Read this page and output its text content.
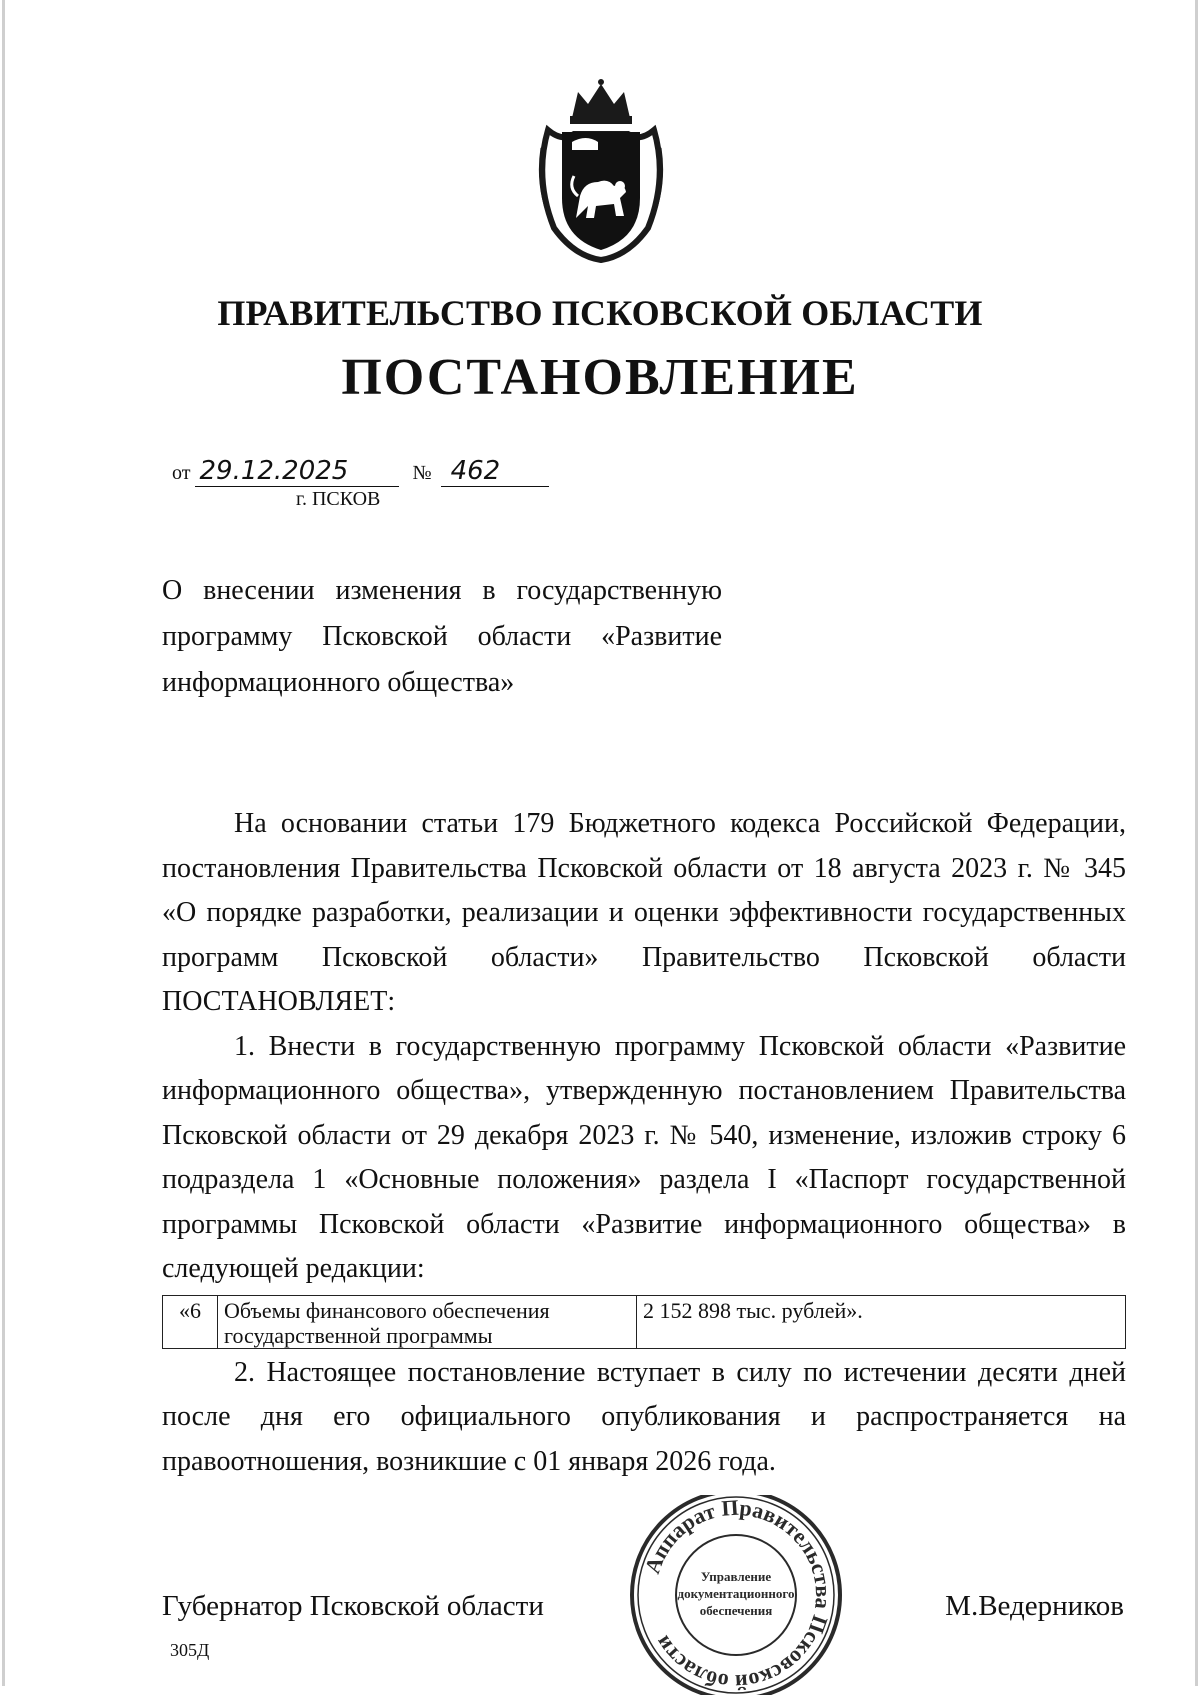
ПРАВИТЕЛЬСТВО ПСКОВСКОЙ ОБЛАСТИ
ПОСТАНОВЛЕНИЕ
от 29.12.2025	№ 462
г. ПСКОВ
О внесении изменения в государственную программу Псковской области «Развитие информационного общества»

На основании статьи 179 Бюджетного кодекса Российской Федерации, постановления Правительства Псковской области от 18 августа 2023 г. № 345 «О порядке разработки, реализации и оценки эффективности государственных программ Псковской области» Правительство Псковской области ПОСТАНОВЛЯЕТ:

1. Внести в государственную программу Псковской области «Развитие информационного общества», утвержденную постановлением Правительства Псковской области от 29 декабря 2023 г. № 540, изменение, изложив строку 6 подраздела 1 «Основные положения» раздела I «Паспорт государственной программы Псковской области «Развитие информационного общества» в следующей редакции:

«6	Объемы финансового обеспечения государственной программы	2 152 898 тыс. рублей».

2. Настоящее постановление вступает в силу по истечении десяти дней после дня его официального опубликования и распространяется на правоотношения, возникшие с 01 января 2026 года.

Аппарат Правительства Псковской области
Управление
документационного
обеспечения
Губернатор Псковской области	М.Ведерников
305Д
